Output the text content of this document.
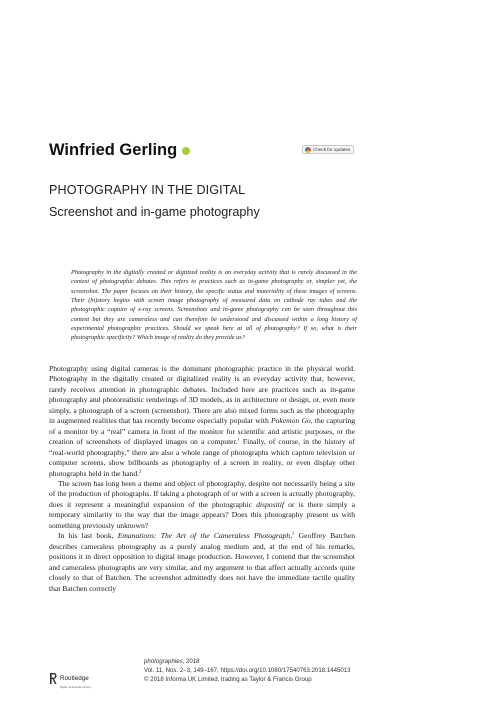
Winfried Gerling	Check for updates
PHOTOGRAPHY IN THE DIGITAL
Screenshot and in-game photography
Photography in the digitally created or digitized reality is an everyday activity that is rarely discussed in the context of photographic debates. This refers to practices such as in-game photography or, simpler yet, the screenshot. The paper focuses on their history, the specific status and materiality of these images of screens. Their (hi)story begins with screen image photography of measured data on cathode ray tubes and the photographic capture of x-ray screens. Screenshots and in-game photography can be seen throughout this context but they are cameraless and can therefore be understood and discussed within a long history of experimental photographic practices. Should we speak here at all of photography? If so, what is their photographic specificity? Which image of reality do they provide us?

Photography using digital cameras is the dominant photographic practice in the physical world. Photography in the digitally created or digitalized reality is an everyday activity that, however, rarely receives attention in photographic debates. Included here are practices such as in-game photography and photorealistic renderings of 3D models, as in architecture or design, or, even more simply, a photograph of a screen (screenshot). There are also mixed forms such as the photography in augmented realities that has recently become especially popular with Pokemon Go, the capturing of a monitor by a “real” camera in front of the monitor for scientific and artistic purposes, or the creation of screenshots of displayed images on a computer.$^1$ Finally, of course, in the history of “real-world photography,” there are also a whole range of photographs which capture television or computer screens, show billboards as photography of a screen in reality, or even display other photographs held in the hand.$^2$

The screen has long been a theme and object of photography, despite not necessarily being a site of the production of photographs. If taking a photograph of or with a screen is actually photography, does it represent a meaningful expansion of the photographic dispositif or is there simply a temporary similarity to the way that the image appears? Does this photography present us with something previously unknown?

In his last book, Emanations: The Art of the Cameraless Photograph,$^3$ Geoffrey Batchen describes cameraless photography as a purely analog medium and, at the end of his remarks, positions it in direct opposition to digital image production. However, I contend that the screenshot and cameraless photographs are very similar, and my argument to that affect actually accords quite closely to that of Batchen. The screenshot admittedly does not have the immediate tactile quality that Batchen correctly

Routledge
Taylor & Francis Group
photographies, 2018
Vol. 11, Nos. 2–3, 149–167, https://doi.org/10.1080/17540763.2018.1445013
© 2018 Informa UK Limited, trading as Taylor & Francis Group
